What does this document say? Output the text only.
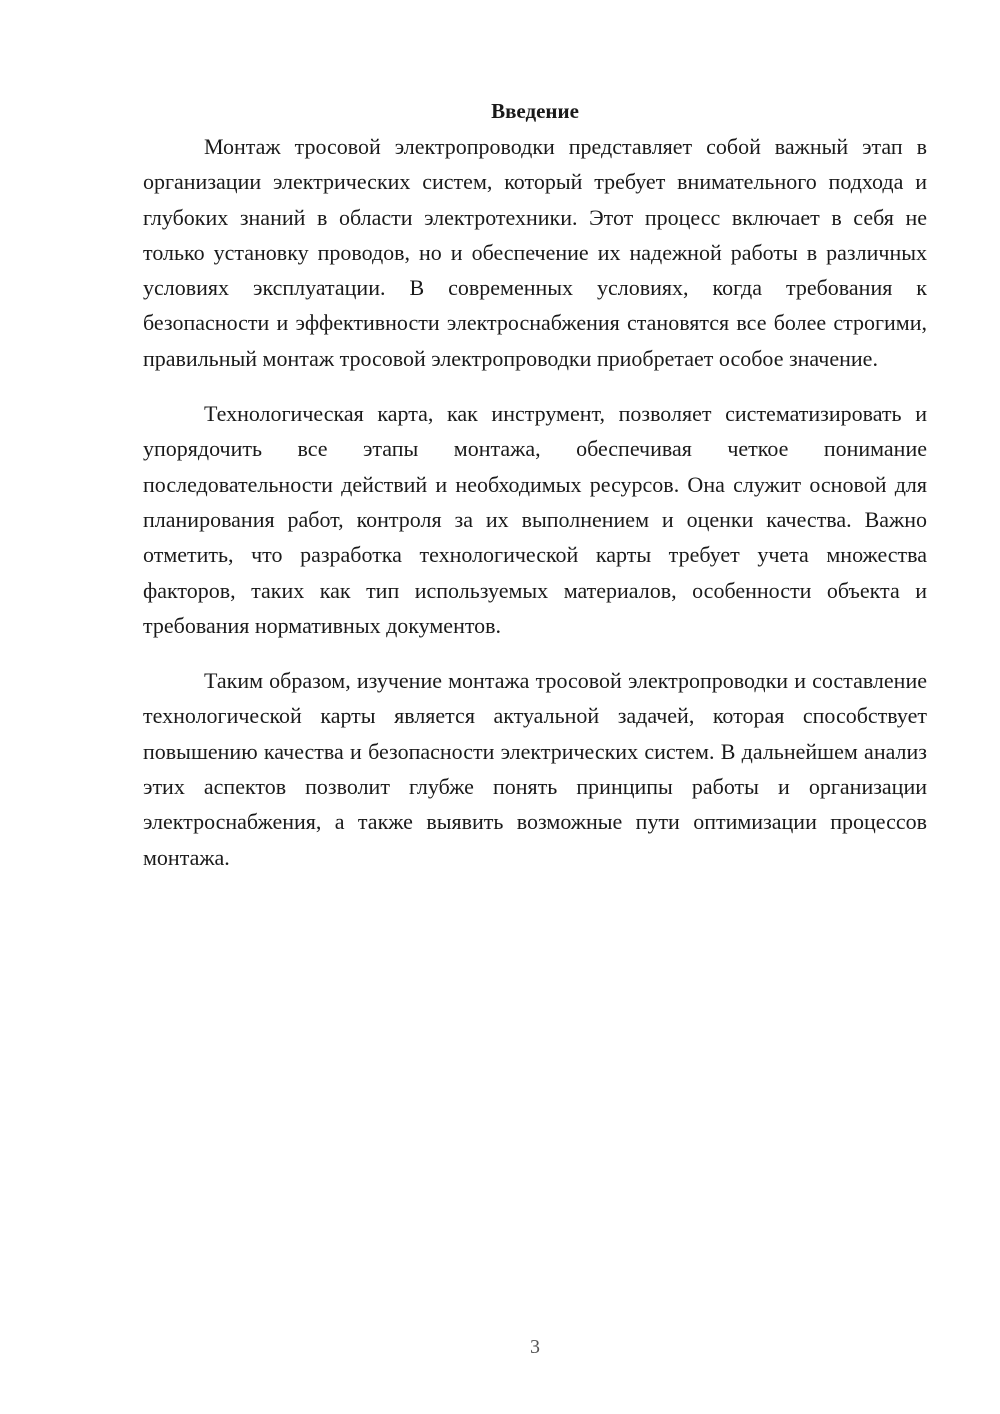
Введение

Монтаж тросовой электропроводки представляет собой важный этап в организации электрических систем, который требует внимательного подхода и глубоких знаний в области электротехники. Этот процесс включает в себя не только установку проводов, но и обеспечение их надежной работы в различных условиях эксплуатации. В современных условиях, когда требования к безопасности и эффективности электроснабжения становятся все более строгими, правильный монтаж тросовой электропроводки приобретает особое значение.

Технологическая карта, как инструмент, позволяет систематизировать и упорядочить все этапы монтажа, обеспечивая четкое понимание последовательности действий и необходимых ресурсов. Она служит основой для планирования работ, контроля за их выполнением и оценки качества. Важно отметить, что разработка технологической карты требует учета множества факторов, таких как тип используемых материалов, особенности объекта и требования нормативных документов.

Таким образом, изучение монтажа тросовой электропроводки и составление технологической карты является актуальной задачей, которая способствует повышению качества и безопасности электрических систем. В дальнейшем анализ этих аспектов позволит глубже понять принципы работы и организации электроснабжения, а также выявить возможные пути оптимизации процессов монтажа.

3
